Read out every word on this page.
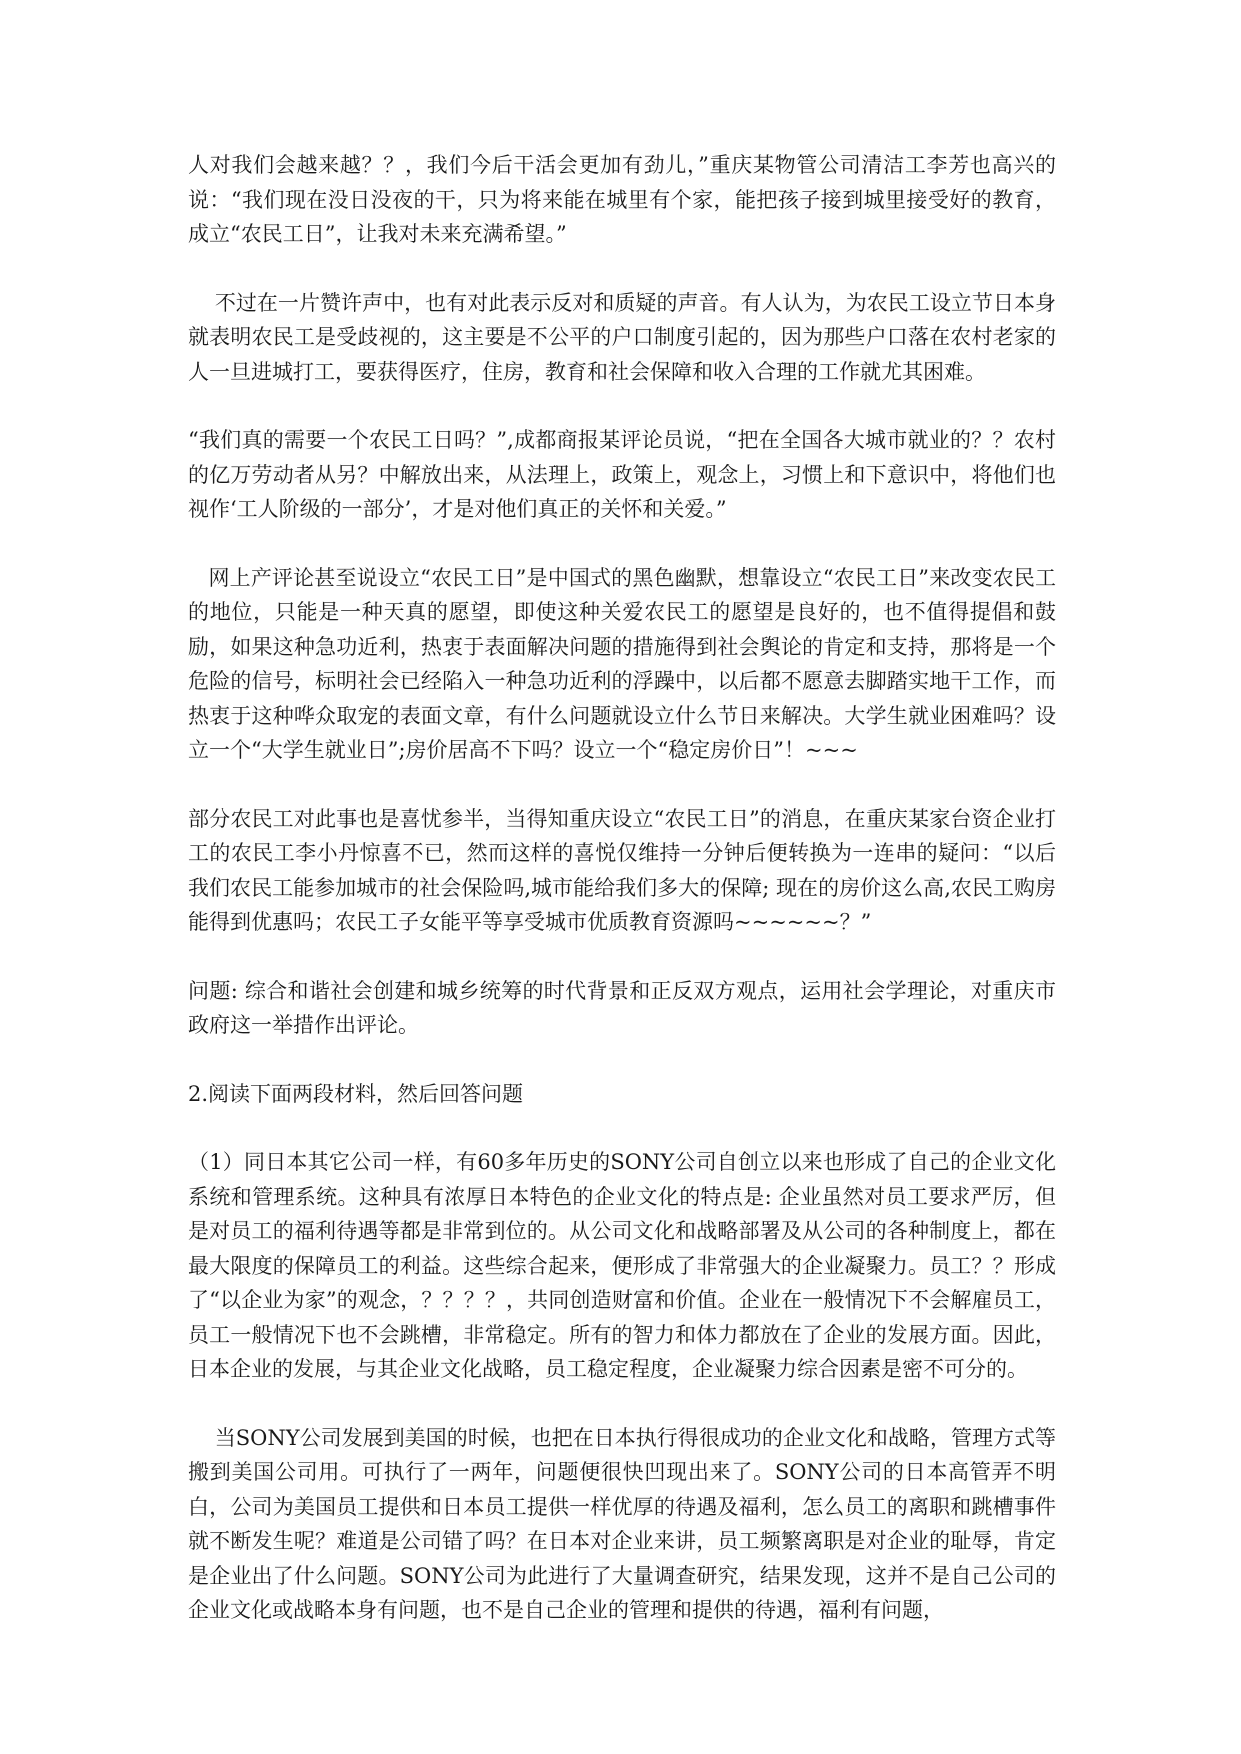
人对我们会越来越？？，我们今后干活会更加有劲儿，”重庆某物管公司清洁工李芳也高兴的说：“我们现在没日没夜的干，只为将来能在城里有个家，能把孩子接到城里接受好的教育，成立“农民工日”，让我对未来充满希望。”

不过在一片赞许声中，也有对此表示反对和质疑的声音。有人认为，为农民工设立节日本身就表明农民工是受歧视的，这主要是不公平的户口制度引起的，因为那些户口落在农村老家的人一旦进城打工，要获得医疗，住房，教育和社会保障和收入合理的工作就尤其困难。

“我们真的需要一个农民工日吗？”,成都商报某评论员说，“把在全国各大城市就业的？？农村的亿万劳动者从另？中解放出来，从法理上，政策上，观念上，习惯上和下意识中，将他们也视作‘工人阶级的一部分’，才是对他们真正的关怀和关爱。”

网上产评论甚至说设立“农民工日”是中国式的黑色幽默，想靠设立“农民工日”来改变农民工的地位，只能是一种天真的愿望，即使这种关爱农民工的愿望是良好的，也不值得提倡和鼓励，如果这种急功近利，热衷于表面解决问题的措施得到社会舆论的肯定和支持，那将是一个危险的信号，标明社会已经陷入一种急功近利的浮躁中，以后都不愿意去脚踏实地干工作，而热衷于这种哗众取宠的表面文章，有什么问题就设立什么节日来解决。大学生就业困难吗？设立一个“大学生就业日”;房价居高不下吗？设立一个“稳定房价日”！~~~

部分农民工对此事也是喜忧参半，当得知重庆设立“农民工日”的消息，在重庆某家台资企业打工的农民工李小丹惊喜不已，然而这样的喜悦仅维持一分钟后便转换为一连串的疑问：“以后我们农民工能参加城市的社会保险吗,城市能给我们多大的保障; 现在的房价这么高,农民工购房能得到优惠吗；农民工子女能平等享受城市优质教育资源吗~~~~~~？”

问题: 综合和谐社会创建和城乡统筹的时代背景和正反双方观点，运用社会学理论，对重庆市政府这一举措作出评论。

2.阅读下面两段材料，然后回答问题

（1）同日本其它公司一样，有60多年历史的SONY公司自创立以来也形成了自己的企业文化系统和管理系统。这种具有浓厚日本特色的企业文化的特点是: 企业虽然对员工要求严厉，但是对员工的福利待遇等都是非常到位的。从公司文化和战略部署及从公司的各种制度上，都在最大限度的保障员工的利益。这些综合起来，便形成了非常强大的企业凝聚力。员工？？形成了“以企业为家”的观念，？？？？，共同创造财富和价值。企业在一般情况下不会解雇员工，员工一般情况下也不会跳槽，非常稳定。所有的智力和体力都放在了企业的发展方面。因此，日本企业的发展，与其企业文化战略，员工稳定程度，企业凝聚力综合因素是密不可分的。

当SONY公司发展到美国的时候，也把在日本执行得很成功的企业文化和战略，管理方式等搬到美国公司用。可执行了一两年，问题便很快凹现出来了。SONY公司的日本高管弄不明白，公司为美国员工提供和日本员工提供一样优厚的待遇及福利，怎么员工的离职和跳槽事件就不断发生呢？难道是公司错了吗？在日本对企业来讲，员工频繁离职是对企业的耻辱，肯定是企业出了什么问题。SONY公司为此进行了大量调查研究，结果发现，这并不是自己公司的企业文化或战略本身有问题，也不是自己企业的管理和提供的待遇，福利有问题，
